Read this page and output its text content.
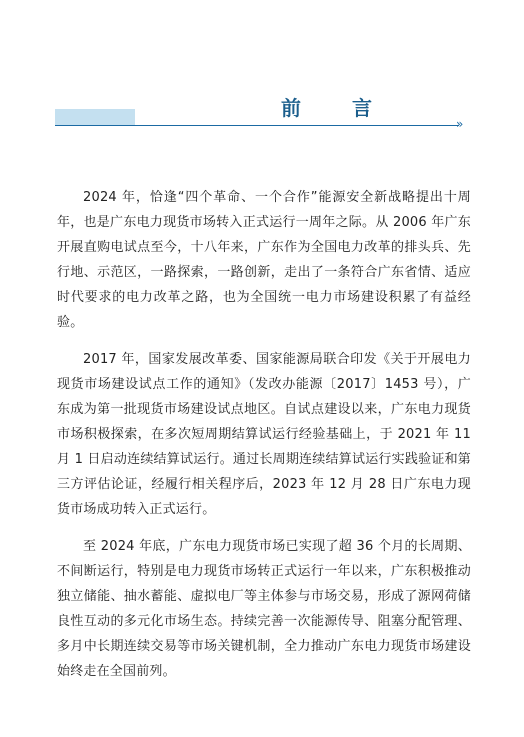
»
前 言

2024 年，恰逢“四个革命、一个合作”能源安全新战略提出十周年，也是广东电力现货市场转入正式运行一周年之际。从 2006 年广东开展直购电试点至今，十八年来，广东作为全国电力改革的排头兵、先行地、示范区，一路探索，一路创新，走出了一条符合广东省情、适应时代要求的电力改革之路，也为全国统一电力市场建设积累了有益经验。

2017 年，国家发展改革委、国家能源局联合印发《关于开展电力现货市场建设试点工作的通知》（发改办能源〔2017〕1453 号），广东成为第一批现货市场建设试点地区。自试点建设以来，广东电力现货市场积极探索，在多次短周期结算试运行经验基础上，于 2021 年 11 月 1 日启动连续结算试运行。通过长周期连续结算试运行实践验证和第三方评估论证，经履行相关程序后，2023 年 12 月 28 日广东电力现货市场成功转入正式运行。

至 2024 年底，广东电力现货市场已实现了超 36 个月的长周期、不间断运行，特别是电力现货市场转正式运行一年以来，广东积极推动独立储能、抽水蓄能、虚拟电厂等主体参与市场交易，形成了源网荷储良性互动的多元化市场生态。持续完善一次能源传导、阻塞分配管理、多月中长期连续交易等市场关键机制，全力推动广东电力现货市场建设始终走在全国前列。
